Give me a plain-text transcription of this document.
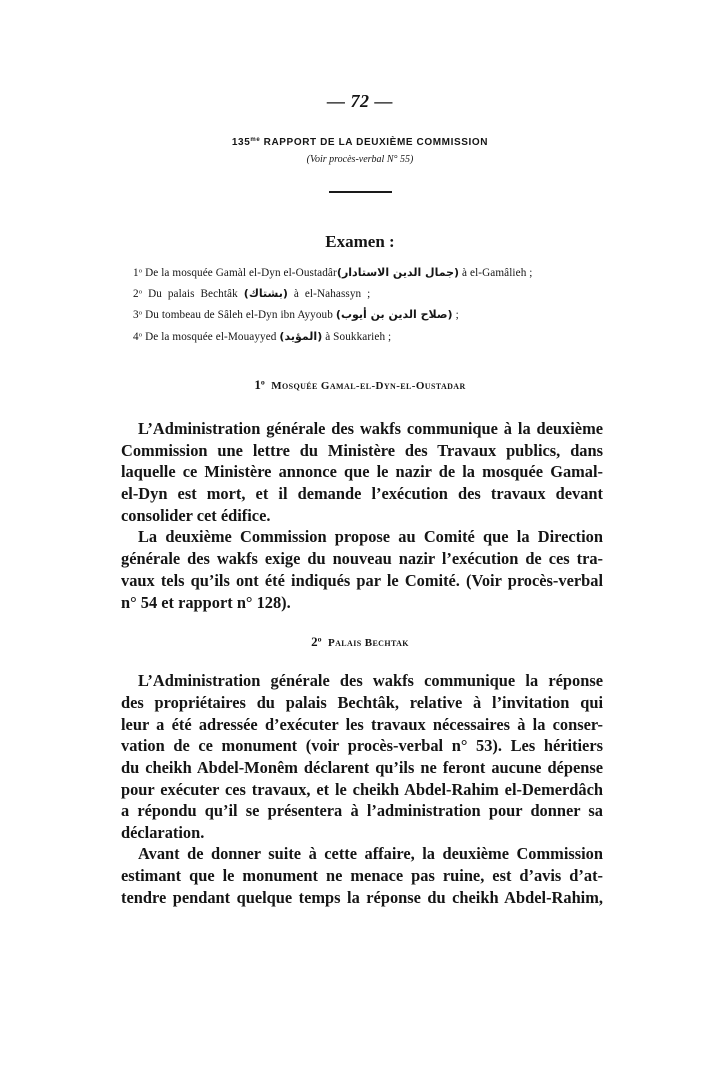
— 72 —
$135^{me}$ RAPPORT DE LA DEUXIÈME COMMISSION
(Voir procès-verbal N° 55)
Examen :
1$^o$ De la mosquée Gamàl el-Dyn el-Oustadâr(جمال الدين الاستادار) à el-Gamâlieh ;
2$^o$ Du palais Bechtâk (بشتاك) à el-Nahassyn ;
3$^o$ Du tombeau de Sâleh el-Dyn ibn Ayyoub (صلاح الدين بن أيوب) ;
4$^o$ De la mosquée el-Mouayyed (المؤيد) à Soukkarieh ;
1$^o$ Mosquée Gamal-el-Dyn-el-Oustadar
L’Administration générale des wakfs communique à la deuxième
Commission une lettre du Ministère des Travaux publics, dans
laquelle ce Ministère annonce que le nazir de la mosquée Gamal-
el-Dyn est mort, et il demande l’exécution des travaux devant
consolider cet édifice.
La deuxième Commission propose au Comité que la Direction
générale des wakfs exige du nouveau nazir l’exécution de ces tra-
vaux tels qu’ils ont été indiqués par le Comité. (Voir procès-verbal
n° 54 et rapport n° 128).
2$^o$ Palais Bechtak
L’Administration générale des wakfs communique la réponse
des propriétaires du palais Bechtâk, relative à l’invitation qui
leur a été adressée d’exécuter les travaux nécessaires à la conser-
vation de ce monument (voir procès-verbal n° 53). Les héritiers
du cheikh Abdel-Monêm déclarent qu’ils ne feront aucune dépense
pour exécuter ces travaux, et le cheikh Abdel-Rahim el-Demerdâch
a répondu qu’il se présentera à l’administration pour donner sa
déclaration.
Avant de donner suite à cette affaire, la deuxième Commission
estimant que le monument ne menace pas ruine, est d’avis d’at-
tendre pendant quelque temps la réponse du cheikh Abdel-Rahim,
